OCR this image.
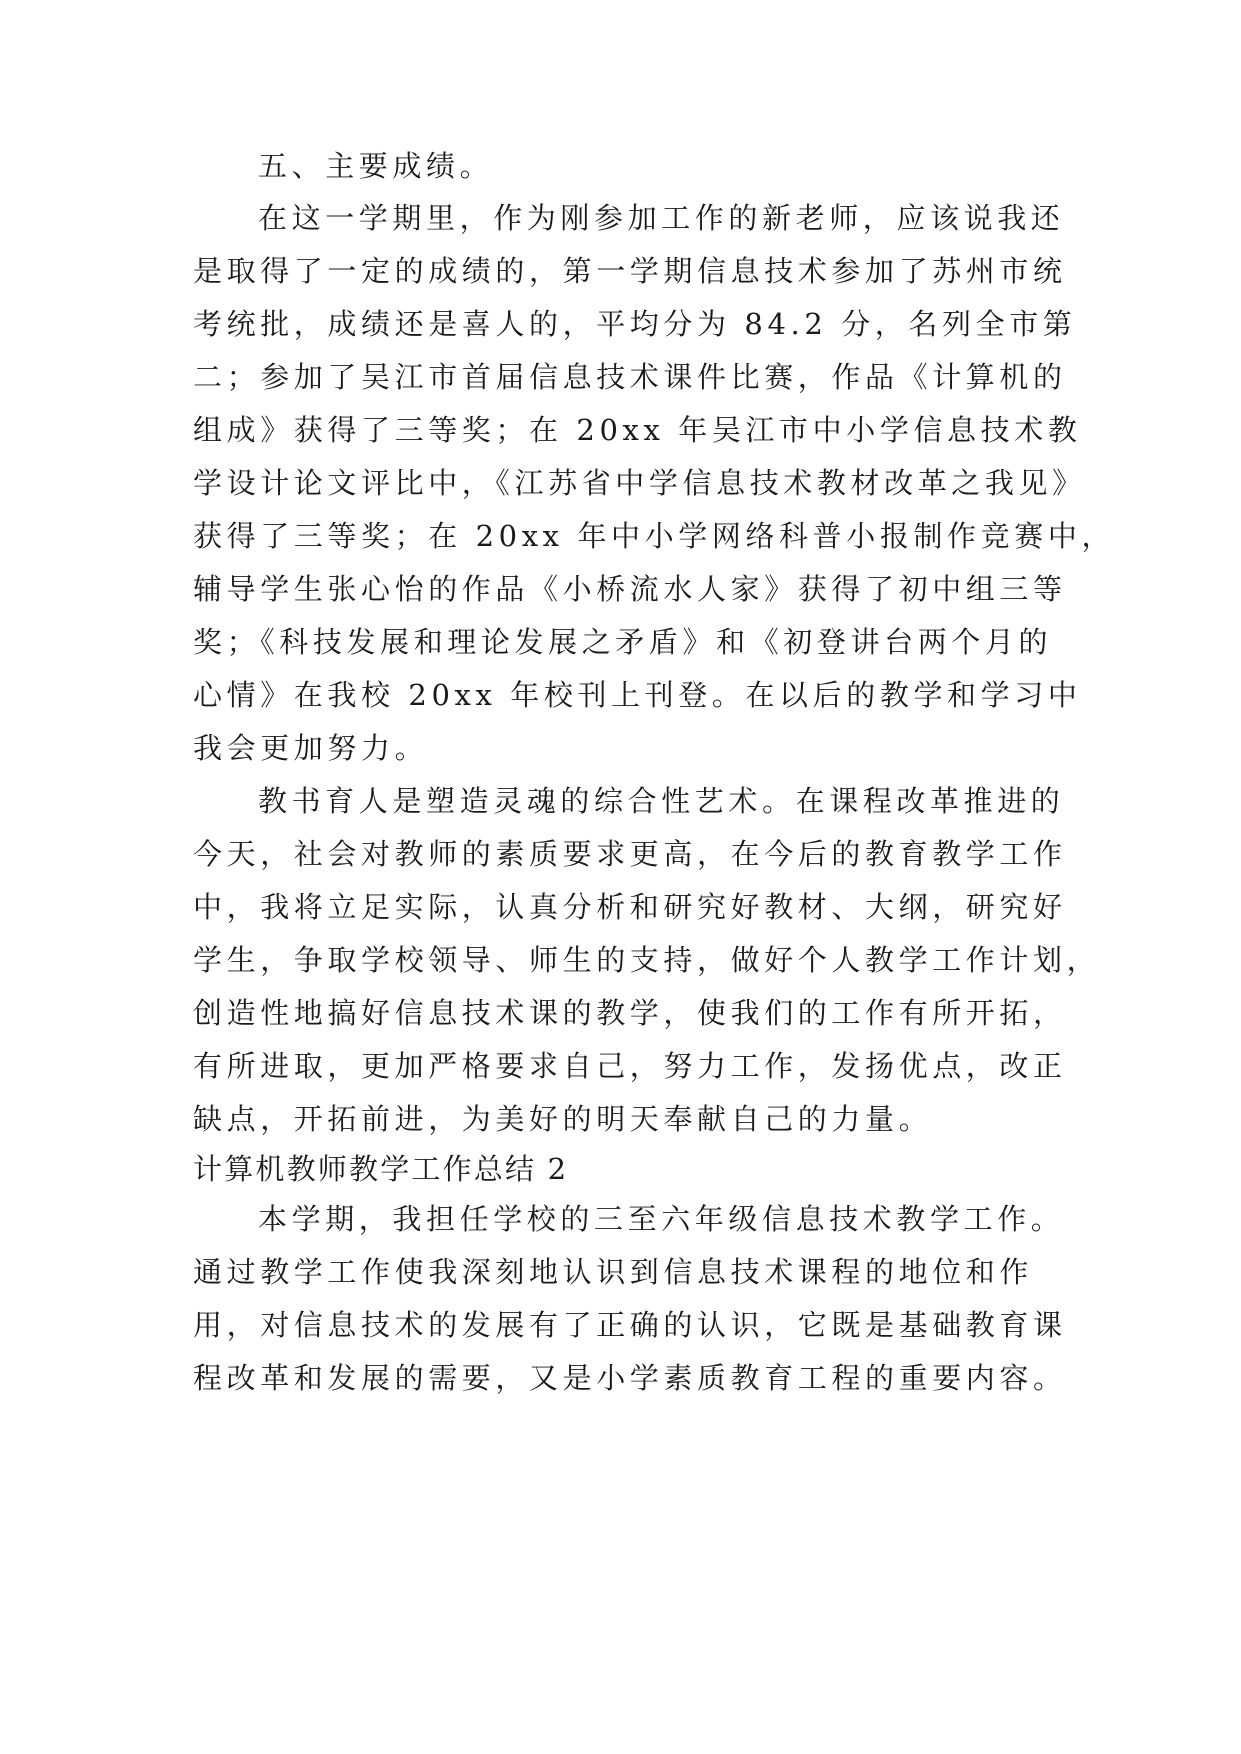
五、主要成绩。
在这一学期里，作为刚参加工作的新老师，应该说我还
是取得了一定的成绩的，第一学期信息技术参加了苏州市统
考统批，成绩还是喜人的，平均分为 84.2 分，名列全市第
二；参加了吴江市首届信息技术课件比赛，作品《计算机的
组成》获得了三等奖；在 20xx 年吴江市中小学信息技术教
学设计论文评比中，《江苏省中学信息技术教材改革之我见》
获得了三等奖；在 20xx 年中小学网络科普小报制作竞赛中，
辅导学生张心怡的作品《小桥流水人家》获得了初中组三等
奖；《科技发展和理论发展之矛盾》和《初登讲台两个月的
心情》在我校 20xx 年校刊上刊登。在以后的教学和学习中
我会更加努力。
教书育人是塑造灵魂的综合性艺术。在课程改革推进的
今天，社会对教师的素质要求更高，在今后的教育教学工作
中，我将立足实际，认真分析和研究好教材、大纲，研究好
学生，争取学校领导、师生的支持，做好个人教学工作计划，
创造性地搞好信息技术课的教学，使我们的工作有所开拓，
有所进取，更加严格要求自己，努力工作，发扬优点，改正
缺点，开拓前进，为美好的明天奉献自己的力量。
计算机教师教学工作总结 2
本学期，我担任学校的三至六年级信息技术教学工作。
通过教学工作使我深刻地认识到信息技术课程的地位和作
用，对信息技术的发展有了正确的认识，它既是基础教育课
程改革和发展的需要，又是小学素质教育工程的重要内容。
